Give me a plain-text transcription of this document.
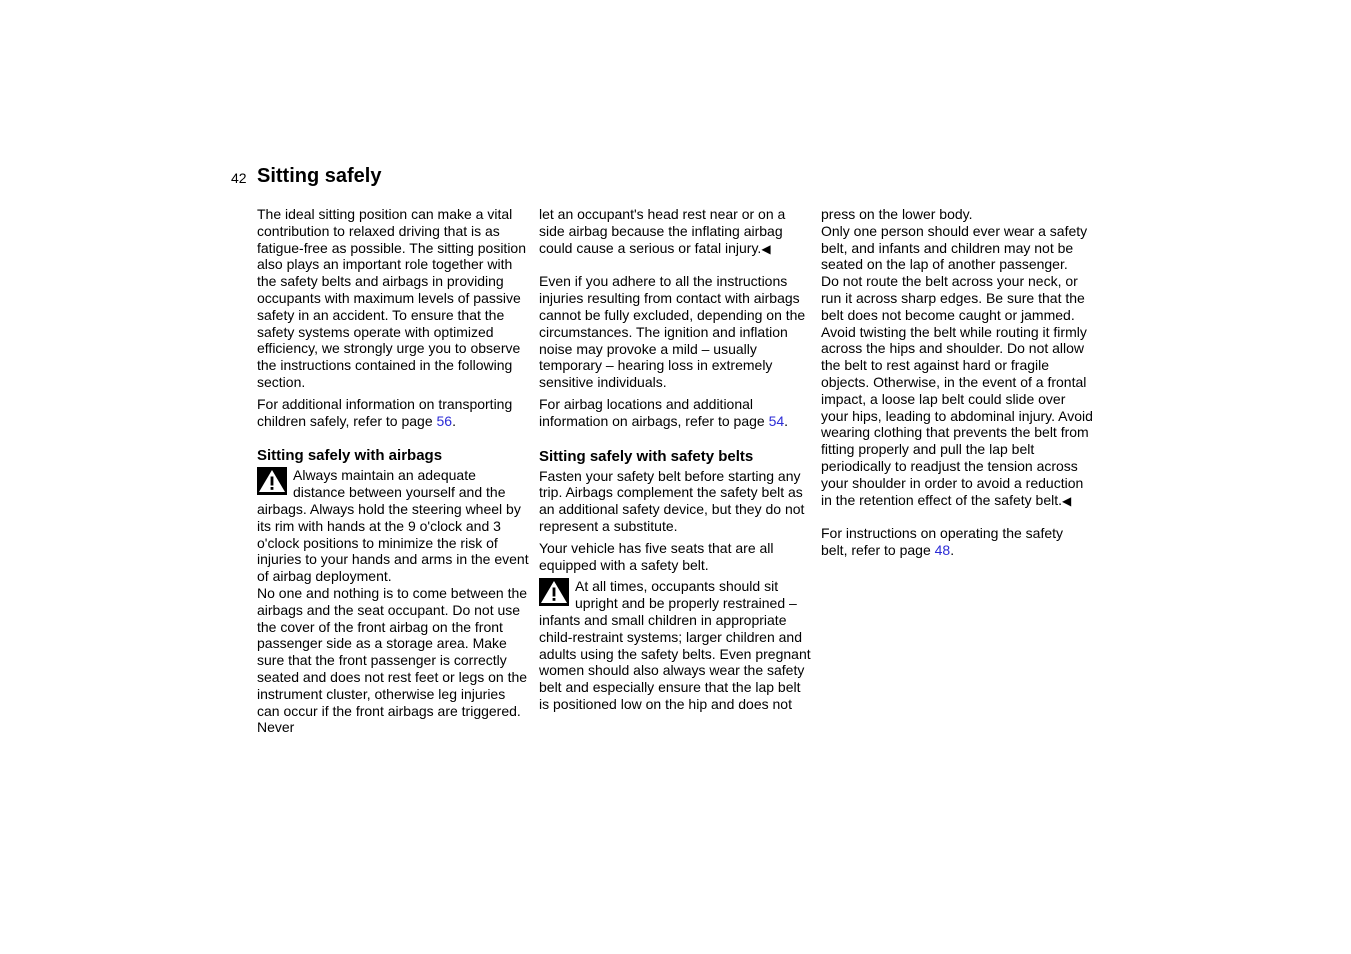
42 Sitting safely

The ideal sitting position can make a vital contribution to relaxed driving that is as fatigue-free as possible. The sitting position also plays an important role together with the safety belts and airbags in providing occupants with maximum levels of passive safety in an accident. To ensure that the safety systems operate with optimized efficiency, we strongly urge you to observe the instructions contained in the following section.

For additional information on transporting children safely, refer to page 56.

Sitting safely with airbags

Always maintain an adequate distance between yourself and the airbags. Always hold the steering wheel by its rim with hands at the 9 o'clock and 3 o'clock positions to minimize the risk of injuries to your hands and arms in the event of airbag deployment.

No one and nothing is to come between the airbags and the seat occupant. Do not use the cover of the front airbag on the front passenger side as a storage area. Make sure that the front passenger is correctly seated and does not rest feet or legs on the instrument cluster, otherwise leg injuries can occur if the front airbags are triggered. Never

let an occupant's head rest near or on a side airbag because the inflating airbag could cause a serious or fatal injury.◀

Even if you adhere to all the instructions injuries resulting from contact with airbags cannot be fully excluded, depending on the circumstances. The ignition and inflation noise may provoke a mild – usually temporary – hearing loss in extremely sensitive individuals.

For airbag locations and additional information on airbags, refer to page 54.

Sitting safely with safety belts

Fasten your safety belt before starting any trip. Airbags complement the safety belt as an additional safety device, but they do not represent a substitute.

Your vehicle has five seats that are all equipped with a safety belt.

At all times, occupants should sit upright and be properly restrained – infants and small children in appropriate child-restraint systems; larger children and adults using the safety belts. Even pregnant women should also always wear the safety belt and especially ensure that the lap belt is positioned low on the hip and does not

press on the lower body.

Only one person should ever wear a safety belt, and infants and children may not be seated on the lap of another passenger.

Do not route the belt across your neck, or run it across sharp edges. Be sure that the belt does not become caught or jammed. Avoid twisting the belt while routing it firmly across the hips and shoulder. Do not allow the belt to rest against hard or fragile objects. Otherwise, in the event of a frontal impact, a loose lap belt could slide over your hips, leading to abdominal injury. Avoid wearing clothing that prevents the belt from fitting properly and pull the lap belt periodically to readjust the tension across your shoulder in order to avoid a reduction in the retention effect of the safety belt.◀

For instructions on operating the safety belt, refer to page 48.
